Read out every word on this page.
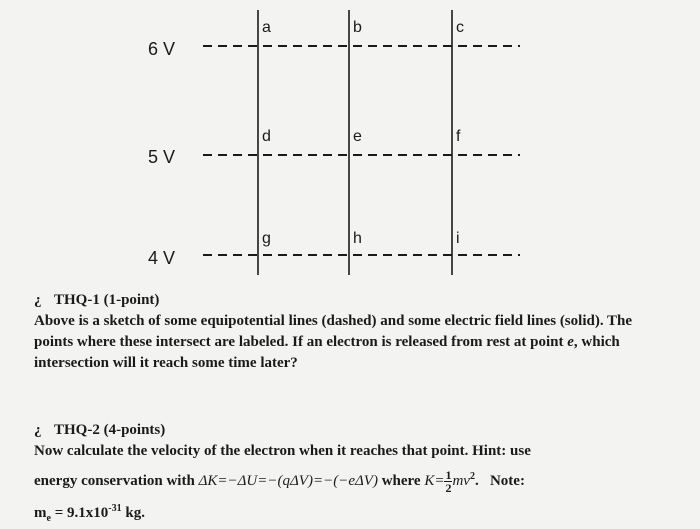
6 V
5 V
4 V
a	b	c
d	e	f
g	h	i
¿ THQ-1 (1-point)

Above is a sketch of some equipotential lines (dashed) and some electric field lines (solid). The points where these intersect are labeled. If an electron is released from rest at point e, which intersection will it reach some time later?

¿ THQ-2 (4-points)
Now calculate the velocity of the electron when it reaches that point. Hint: use
energy conservation with ΔK=−ΔU=−(qΔV)=−(−eΔV) where $K= \frac{1}{2} mv^2$.   Note:
$m_e = 9.1x10^{-31}$ kg.
